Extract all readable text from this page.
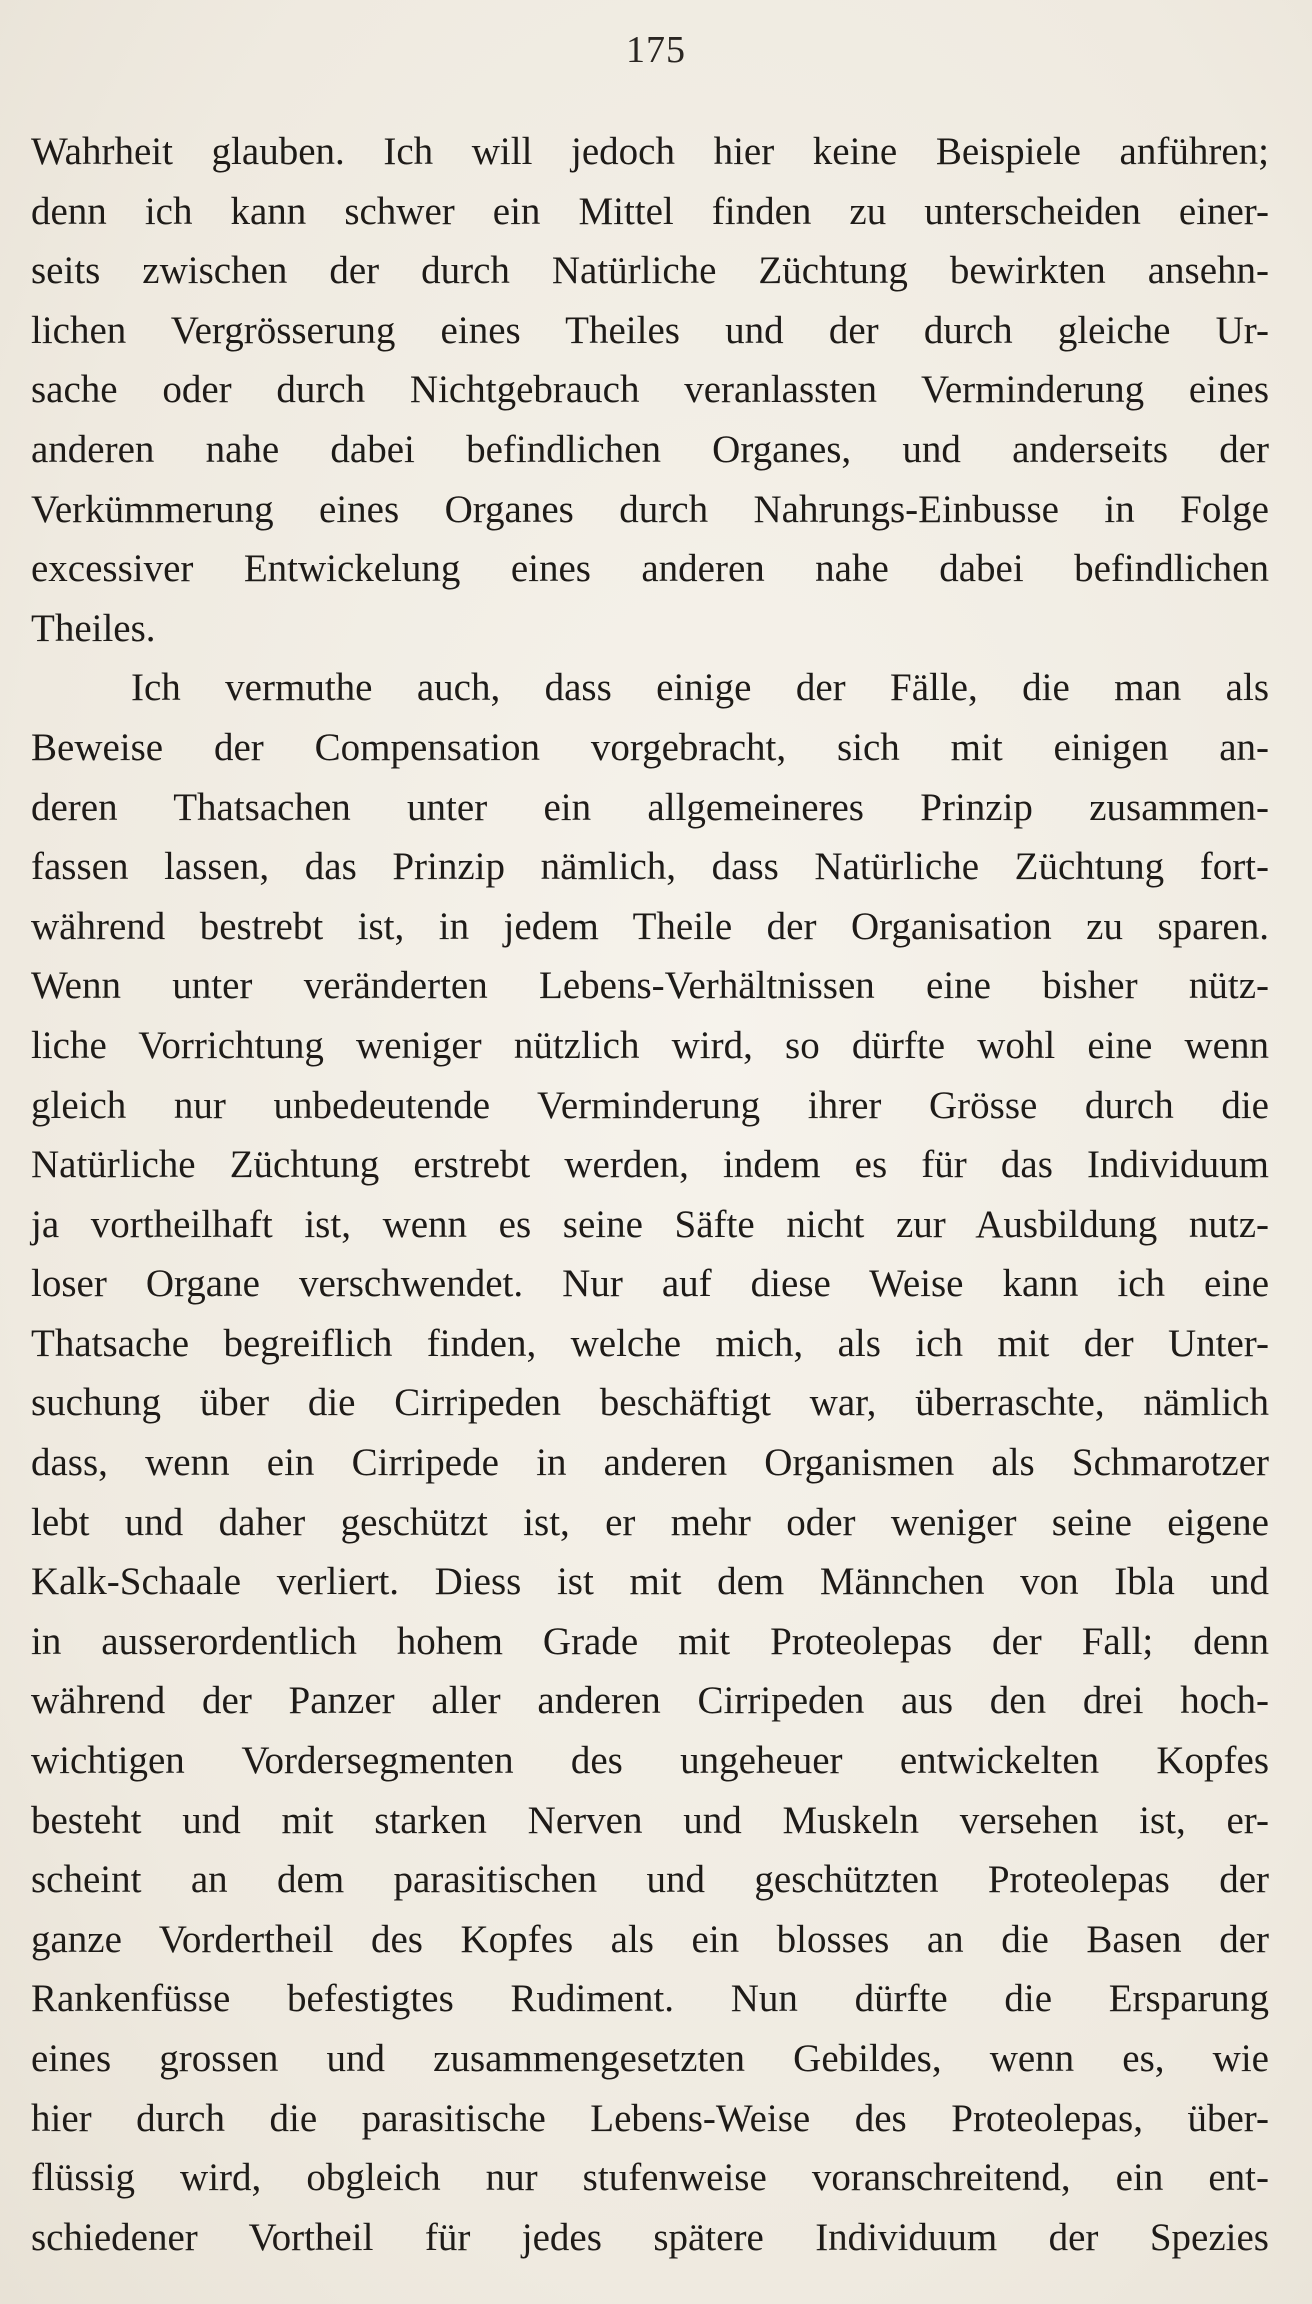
175
Wahrheit glauben. Ich will jedoch hier keine Beispiele anführen;
denn ich kann schwer ein Mittel finden zu unterscheiden einer-
seits zwischen der durch Natürliche Züchtung bewirkten ansehn-
lichen Vergrösserung eines Theiles und der durch gleiche Ur-
sache oder durch Nichtgebrauch veranlassten Verminderung eines
anderen nahe dabei befindlichen Organes, und anderseits der
Verkümmerung eines Organes durch Nahrungs-Einbusse in Folge
excessiver Entwickelung eines anderen nahe dabei befindlichen
Theiles.
Ich vermuthe auch, dass einige der Fälle, die man als
Beweise der Compensation vorgebracht, sich mit einigen an-
deren Thatsachen unter ein allgemeineres Prinzip zusammen-
fassen lassen, das Prinzip nämlich, dass Natürliche Züchtung fort-
während bestrebt ist, in jedem Theile der Organisation zu sparen.
Wenn unter veränderten Lebens-Verhältnissen eine bisher nütz-
liche Vorrichtung weniger nützlich wird, so dürfte wohl eine wenn
gleich nur unbedeutende Verminderung ihrer Grösse durch die
Natürliche Züchtung erstrebt werden, indem es für das Individuum
ja vortheilhaft ist, wenn es seine Säfte nicht zur Ausbildung nutz-
loser Organe verschwendet. Nur auf diese Weise kann ich eine
Thatsache begreiflich finden, welche mich, als ich mit der Unter-
suchung über die Cirripeden beschäftigt war, überraschte, nämlich
dass, wenn ein Cirripede in anderen Organismen als Schmarotzer
lebt und daher geschützt ist, er mehr oder weniger seine eigene
Kalk-Schaale verliert. Diess ist mit dem Männchen von Ibla und
in ausserordentlich hohem Grade mit Proteolepas der Fall; denn
während der Panzer aller anderen Cirripeden aus den drei hoch-
wichtigen Vordersegmenten des ungeheuer entwickelten Kopfes
besteht und mit starken Nerven und Muskeln versehen ist, er-
scheint an dem parasitischen und geschützten Proteolepas der
ganze Vordertheil des Kopfes als ein blosses an die Basen der
Rankenfüsse befestigtes Rudiment. Nun dürfte die Ersparung
eines grossen und zusammengesetzten Gebildes, wenn es, wie
hier durch die parasitische Lebens-Weise des Proteolepas, über-
flüssig wird, obgleich nur stufenweise voranschreitend, ein ent-
schiedener Vortheil für jedes spätere Individuum der Spezies
